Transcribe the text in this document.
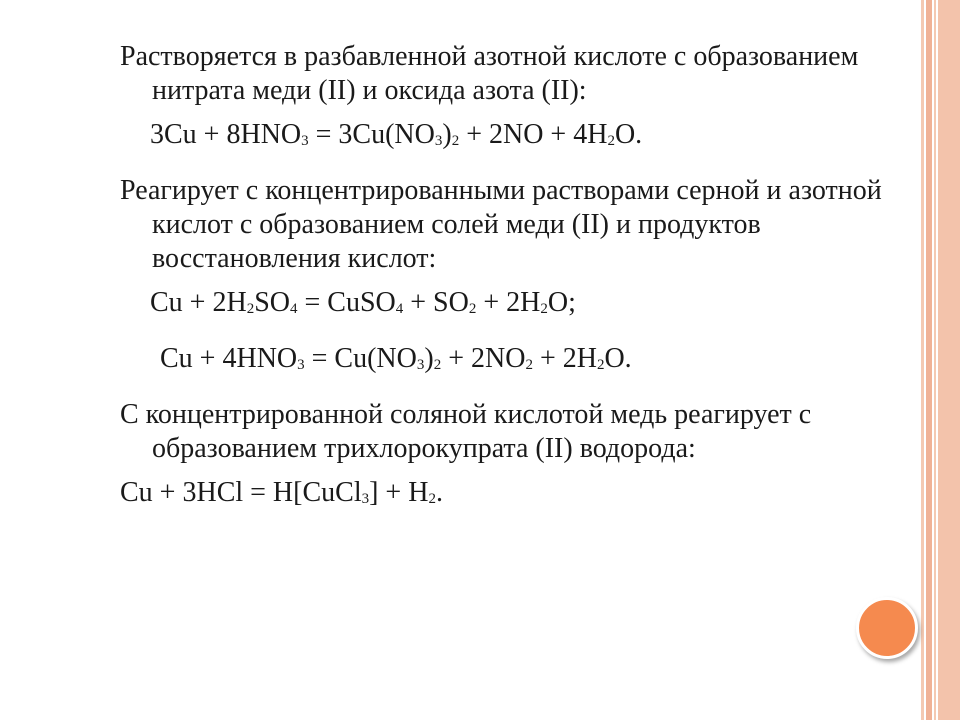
Растворяется в разбавленной азотной кислоте с образованием нитрата меди (II) и оксида азота (II):
$3Cu + 8HNO_3 = 3Cu(NO_3)_2 + 2NO + 4H_2O$.
Реагирует с концентрированными растворами серной и азотной кислот с образованием солей меди (II) и продуктов восстановления кислот:
$Cu + 2H_2SO_4$ = CuSO$_4$ + $SO_2 + 2H_2O$;
$Cu + 4HNO_3 = Cu(NO_3)_2 + 2NO_2 + 2H_2O$.
С концентрированной соляной кислотой медь реагирует с образованием трихлорокупрата (II) водорода:
Cu + 3HCl = H[CuCl$_3$] + $H_2$.
